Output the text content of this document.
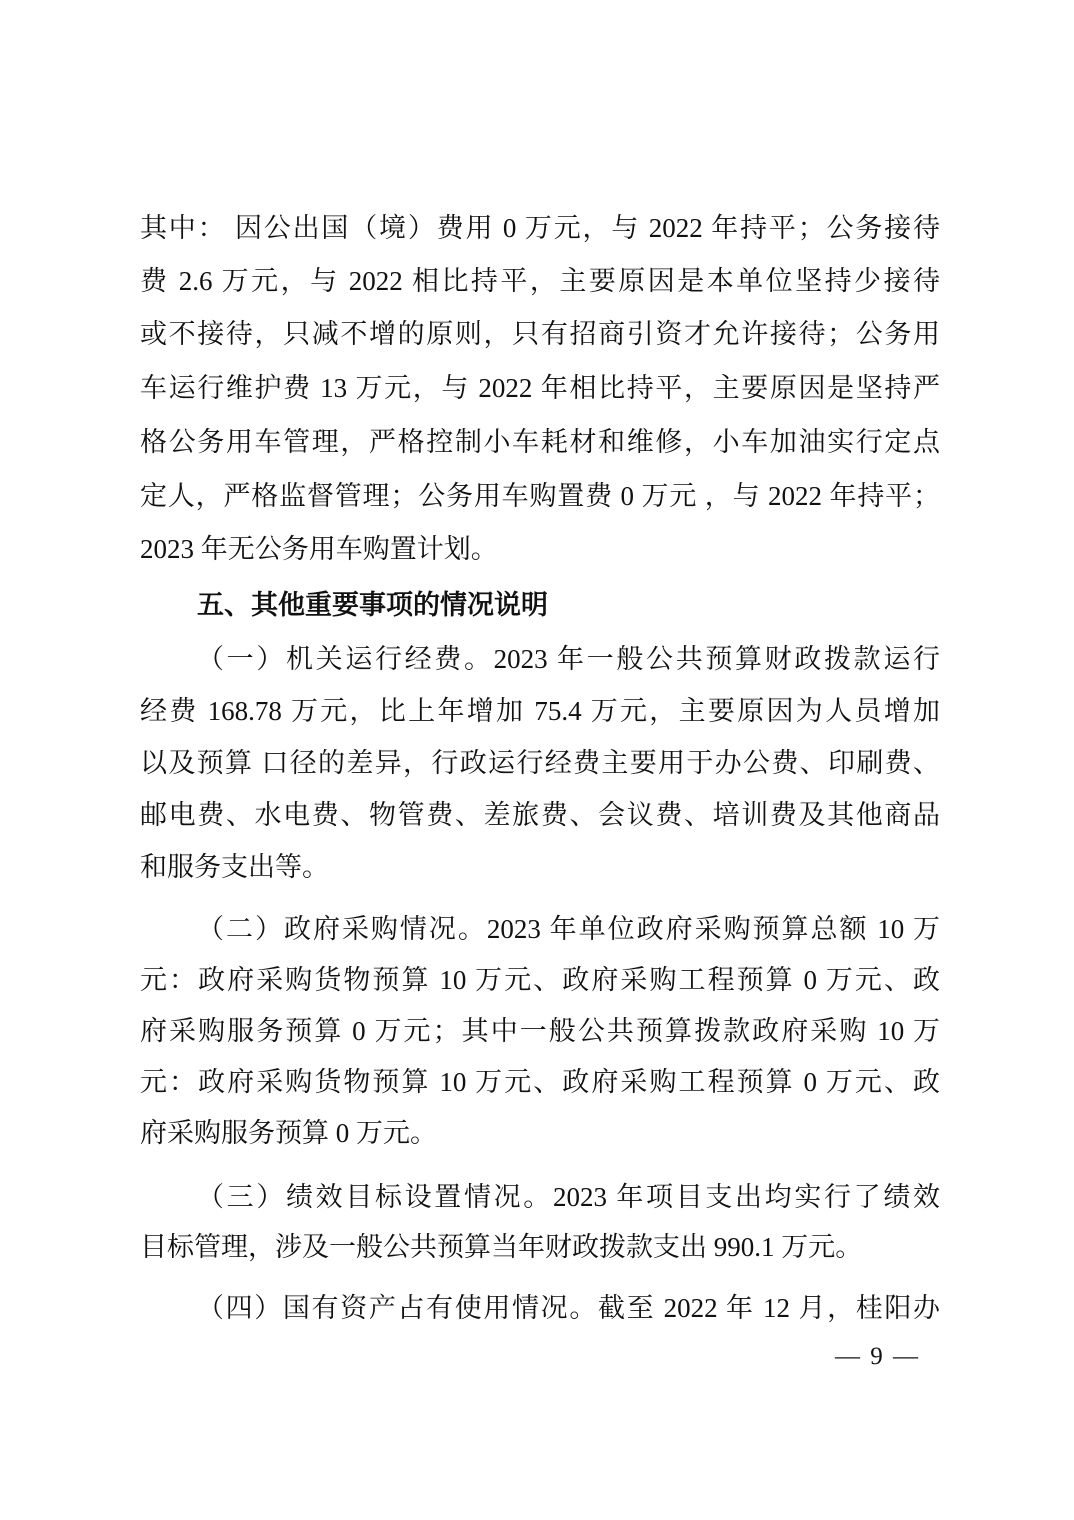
其中： 因公出国（境）费用 0 万元，与 2022 年持平；公务接待
费 2.6 万元，与 2022 相比持平，主要原因是本单位坚持少接待
或不接待，只减不增的原则，只有招商引资才允许接待；公务用
车运行维护费 13 万元，与 2022 年相比持平，主要原因是坚持严
格公务用车管理，严格控制小车耗材和维修，小车加油实行定点
定人，严格监督管理；公务用车购置费 0 万元 ，与 2022 年持平；
2023 年无公务用车购置计划。
五、其他重要事项的情况说明
（一）机关运行经费。2023 年一般公共预算财政拨款运行
经费 168.78 万元，比上年增加 75.4 万元，主要原因为人员增加
以及预算 口径的差异，行政运行经费主要用于办公费、印刷费、
邮电费、水电费、物管费、差旅费、会议费、培训费及其他商品
和服务支出等。
（二）政府采购情况。2023 年单位政府采购预算总额 10 万
元：政府采购货物预算 10 万元、政府采购工程预算 0 万元、政
府采购服务预算 0 万元；其中一般公共预算拨款政府采购 10 万
元：政府采购货物预算 10 万元、政府采购工程预算 0 万元、政
府采购服务预算 0 万元。
（三）绩效目标设置情况。2023 年项目支出均实行了绩效
目标管理，涉及一般公共预算当年财政拨款支出 990.1 万元。
（四）国有资产占有使用情况。截至 2022 年 12 月，桂阳办
— 9 —
